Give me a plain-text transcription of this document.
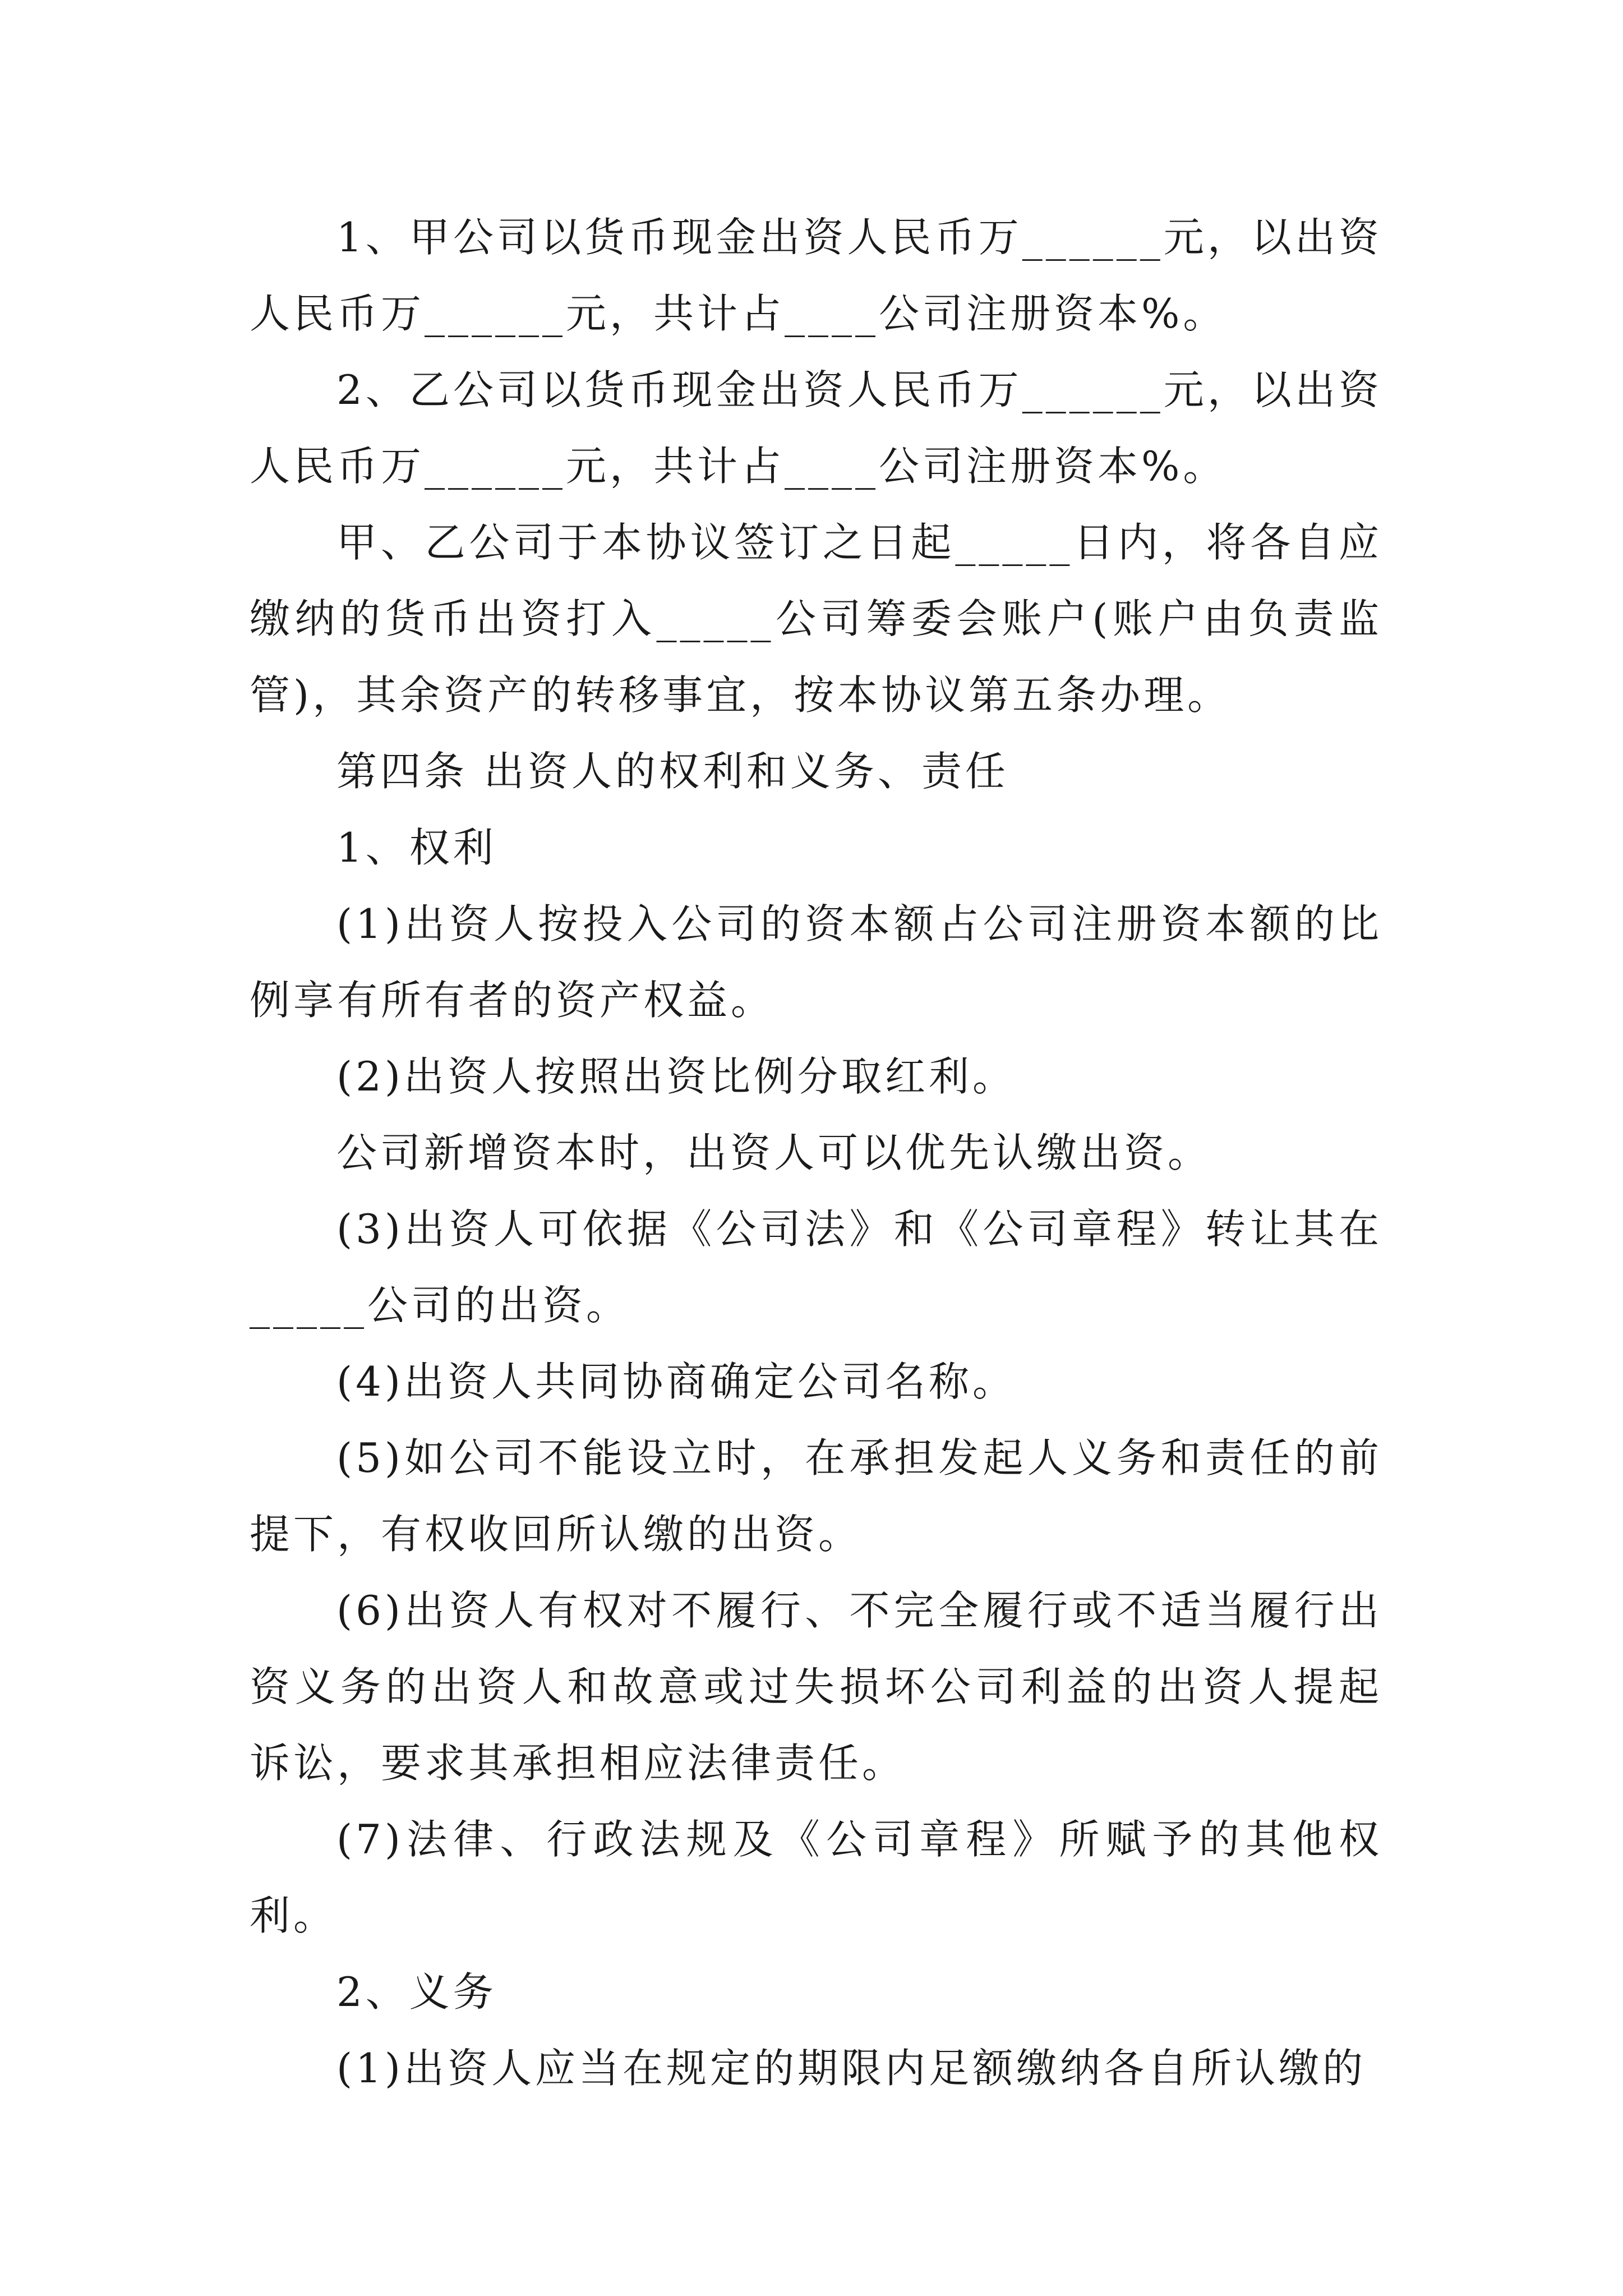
1、甲公司以货币现金出资人民币万______元，以出资人民币万______元，共计占____公司注册资本%。

2、乙公司以货币现金出资人民币万______元，以出资人民币万______元，共计占____公司注册资本%。

甲、乙公司于本协议签订之日起_____日内，将各自应缴纳的货币出资打入_____公司筹委会账户(账户由负责监管)，其余资产的转移事宜，按本协议第五条办理。

第四条 出资人的权利和义务、责任

1、权利

(1)出资人按投入公司的资本额占公司注册资本额的比例享有所有者的资产权益。

(2)出资人按照出资比例分取红利。

公司新增资本时，出资人可以优先认缴出资。

(3)出资人可依据《公司法》和《公司章程》转让其在_____公司的出资。

(4)出资人共同协商确定公司名称。

(5)如公司不能设立时，在承担发起人义务和责任的前提下，有权收回所认缴的出资。

(6)出资人有权对不履行、不完全履行或不适当履行出资义务的出资人和故意或过失损坏公司利益的出资人提起诉讼，要求其承担相应法律责任。

(7)法律、行政法规及《公司章程》所赋予的其他权利。

2、义务

(1)出资人应当在规定的期限内足额缴纳各自所认缴的
